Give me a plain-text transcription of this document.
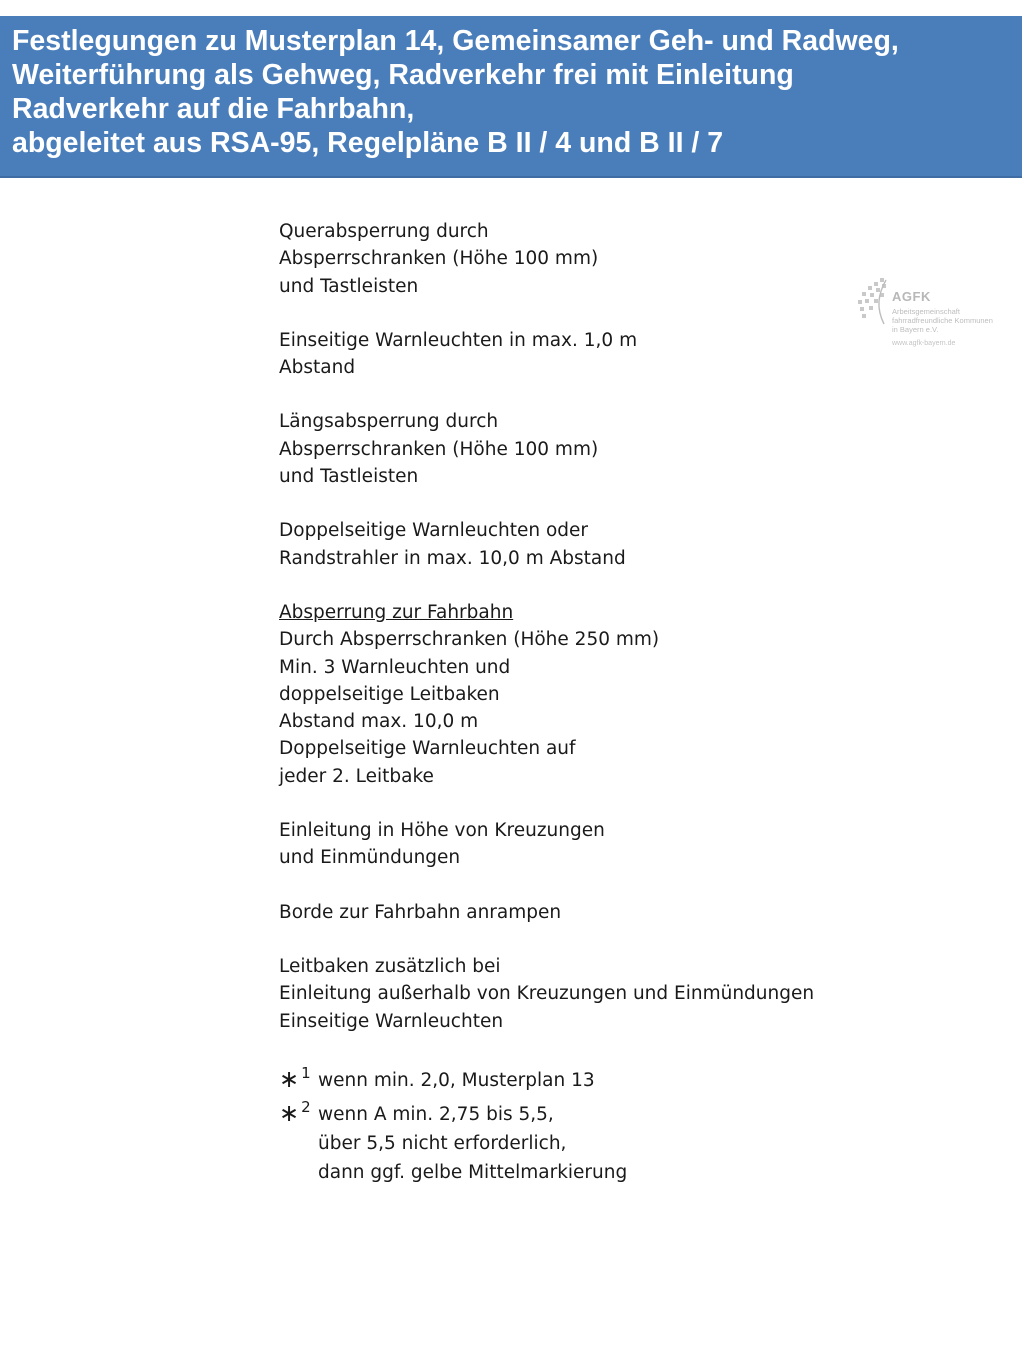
Festlegungen zu Musterplan 14, Gemeinsamer Geh- und Radweg,
Weiterführung als Gehweg, Radverkehr frei mit Einleitung
Radverkehr auf die Fahrbahn,
abgeleitet aus RSA-95, Regelpläne B II / 4 und B II / 7
AGFK
Arbeitsgemeinschaft
fahrradfreundliche Kommunen
in Bayern e.V.
www.agfk-bayern.de
Querabsperrung durch
Absperrschranken (Höhe 100 mm)
und Tastleisten
Einseitige Warnleuchten in max. 1,0 m
Abstand
Längsabsperrung durch
Absperrschranken (Höhe 100 mm)
und Tastleisten
Doppelseitige Warnleuchten oder
Randstrahler in max. 10,0 m Abstand
Absperrung zur Fahrbahn
Durch Absperrschranken (Höhe 250 mm)
Min. 3 Warnleuchten und
doppelseitige Leitbaken
Abstand max. 10,0 m
Doppelseitige Warnleuchten auf
jeder 2. Leitbake
Einleitung in Höhe von Kreuzungen
und Einmündungen
Borde zur Fahrbahn anrampen
Leitbaken zusätzlich bei
Einleitung außerhalb von Kreuzungen und Einmündungen
Einseitige Warnleuchten
∗ $^1$ wenn min. 2,0, Musterplan 13
∗ $^2$ wenn A min. 2,75 bis 5,5,
über 5,5 nicht erforderlich,
dann ggf. gelbe Mittelmarkierung
